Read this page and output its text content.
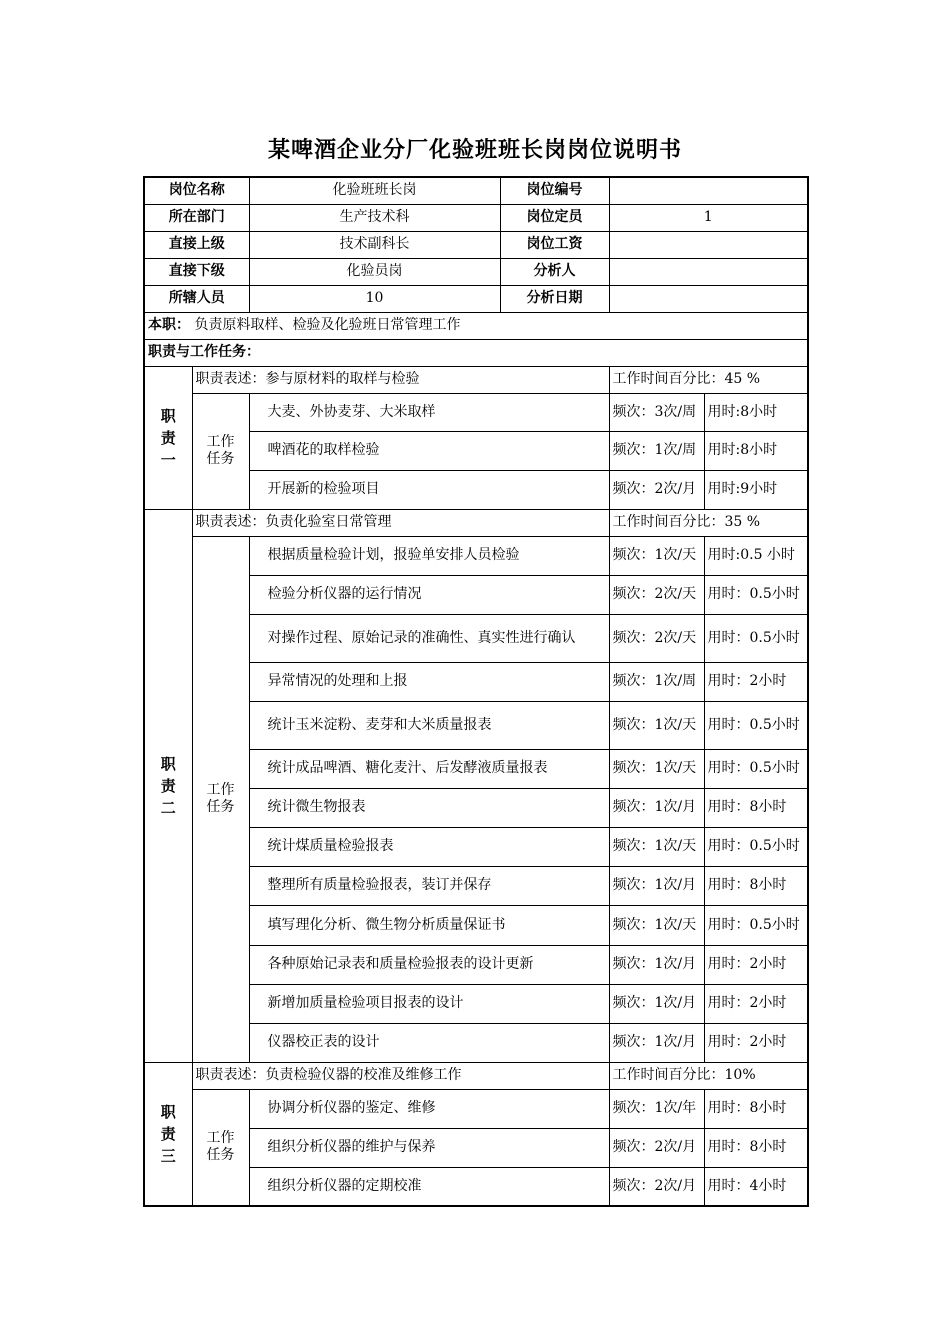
某啤酒企业分厂化验班班长岗岗位说明书
岗位名称		化验班班长岗	岗位编号		
所在部门		生产技术科	岗位定员	1	
直接上级		技术副科长	岗位工资		
直接下级		化验员岗	分析人		
所辖人员		10	分析日期		
本职： 负责原料取样、检验及化验班日常管理工作					
职责与工作任务：					

职
责
一	职责表述：参与原材料的取样与检验			工作时间百分比：45 %	
	工作
任务	大麦、外协麦芽、大米取样		频次：3次/周	用时:8小时
		啤酒花的取样检验		频次：1次/周	用时:8小时
		开展新的检验项目		频次：2次/月	用时:9小时

职
责
二	职责表述：负责化验室日常管理			工作时间百分比：35 %	
	工作
任务	根据质量检验计划，报验单安排人员检验		频次：1次/天	用时:0.5 小时
		检验分析仪器的运行情况		频次：2次/天	用时：0.5小时
		对操作过程、原始记录的准确性、真实性进行确认		频次：2次/天	用时：0.5小时
		异常情况的处理和上报		频次：1次/周	用时：2小时
		统计玉米淀粉、麦芽和大米质量报表		频次：1次/天	用时：0.5小时
		统计成品啤酒、糖化麦汁、后发酵液质量报表		频次：1次/天	用时：0.5小时
		统计微生物报表		频次：1次/月	用时：8小时
		统计煤质量检验报表		频次：1次/天	用时：0.5小时
		整理所有质量检验报表，装订并保存		频次：1次/月	用时：8小时
		填写理化分析、微生物分析质量保证书		频次：1次/天	用时：0.5小时
		各种原始记录表和质量检验报表的设计更新		频次：1次/月	用时：2小时
		新增加质量检验项目报表的设计		频次：1次/月	用时：2小时
		仪器校正表的设计		频次：1次/月	用时：2小时

职
责
三	职责表述：负责检验仪器的校准及维修工作			工作时间百分比：10%	
	工作
任务	协调分析仪器的鉴定、维修		频次：1次/年	用时：8小时
		组织分析仪器的维护与保养		频次：2次/月	用时：8小时
		组织分析仪器的定期校准		频次：2次/月	用时：4小时
